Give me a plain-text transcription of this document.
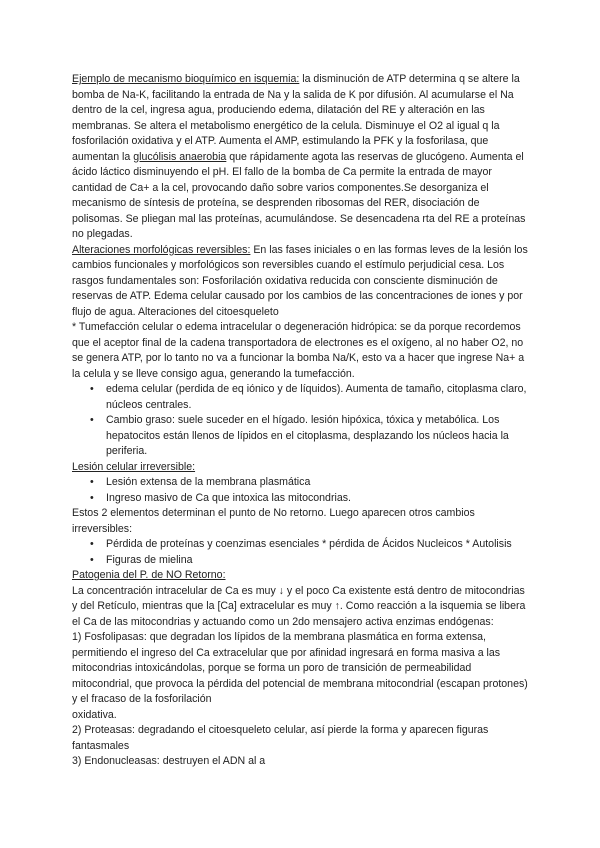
Ejemplo de mecanismo bioquímico en isquemia: la disminución de ATP determina q se altere la bomba de Na-K, facilitando la entrada de Na y la salida de K por difusión. Al acumularse el Na dentro de la cel, ingresa agua, produciendo edema, dilatación del RE y alteración en las membranas. Se altera el metabolismo energético de la celula. Disminuye el O2 al igual q la fosforilación oxidativa y el ATP. Aumenta el AMP, estimulando la PFK y la fosforilasa, que aumentan la glucólisis anaerobia que rápidamente agota las reservas de glucógeno. Aumenta el ácido láctico disminuyendo el pH. El fallo de la bomba de Ca permite la entrada de mayor cantidad de Ca+ a la cel, provocando daño sobre varios componentes.Se desorganiza el mecanismo de síntesis de proteína, se desprenden ribosomas del RER, disociación de polisomas. Se pliegan mal las proteínas, acumulándose. Se desencadena rta del RE a proteínas no plegadas.

Alteraciones morfológicas reversibles: En las fases iniciales o en las formas leves de la lesión los cambios funcionales y morfológicos son reversibles cuando el estímulo perjudicial cesa. Los rasgos fundamentales son: Fosforilación oxidativa reducida con consciente disminución de reservas de ATP. Edema celular causado por los cambios de las concentraciones de iones y por flujo de agua. Alteraciones del citoesqueleto

* Tumefacción celular o edema intracelular o degeneración hidrópica: se da porque recordemos que el aceptor final de la cadena transportadora de electrones es el oxígeno, al no haber O2, no se genera ATP, por lo tanto no va a funcionar la bomba Na/K, esto va a hacer que ingrese Na+ a la celula y se lleve consigo agua, generando la tumefacción.

• edema celular (perdida de eq iónico y de líquidos). Aumenta de tamaño, citoplasma claro, núcleos centrales.
• Cambio graso: suele suceder en el hígado. lesión hipóxica, tóxica y metabólica. Los hepatocitos están llenos de lípidos en el citoplasma, desplazando los núcleos hacia la periferia.

Lesión celular irreversible:

• Lesión extensa de la membrana plasmática
• Ingreso masivo de Ca que intoxica las mitocondrias.

Estos 2 elementos determinan el punto de No retorno. Luego aparecen otros cambios irreversibles:

• Pérdida de proteínas y coenzimas esenciales * pérdida de Ácidos Nucleicos * Autolisis
• Figuras de mielina

Patogenia del P. de NO Retorno:

La concentración intracelular de Ca es muy ↓ y el poco Ca existente está dentro de mitocondrias y del Retículo, mientras que la [Ca] extracelular es muy ↑. Como reacción a la isquemia se libera el Ca de las mitocondrias y actuando como un 2do mensajero activa enzimas endógenas:

1) Fosfolipasas: que degradan los lípidos de la membrana plasmática en forma extensa, permitiendo el ingreso del Ca extracelular que por afinidad ingresará en forma masiva a las mitocondrias intoxicándolas, porque se forma un poro de transición de permeabilidad mitocondrial, que provoca la pérdida del potencial de membrana mitocondrial (escapan protones) y el fracaso de la fosforilación

oxidativa.

2) Proteasas: degradando el citoesqueleto celular, así pierde la forma y aparecen figuras fantasmales

3) Endonucleasas: destruyen el ADN al a
